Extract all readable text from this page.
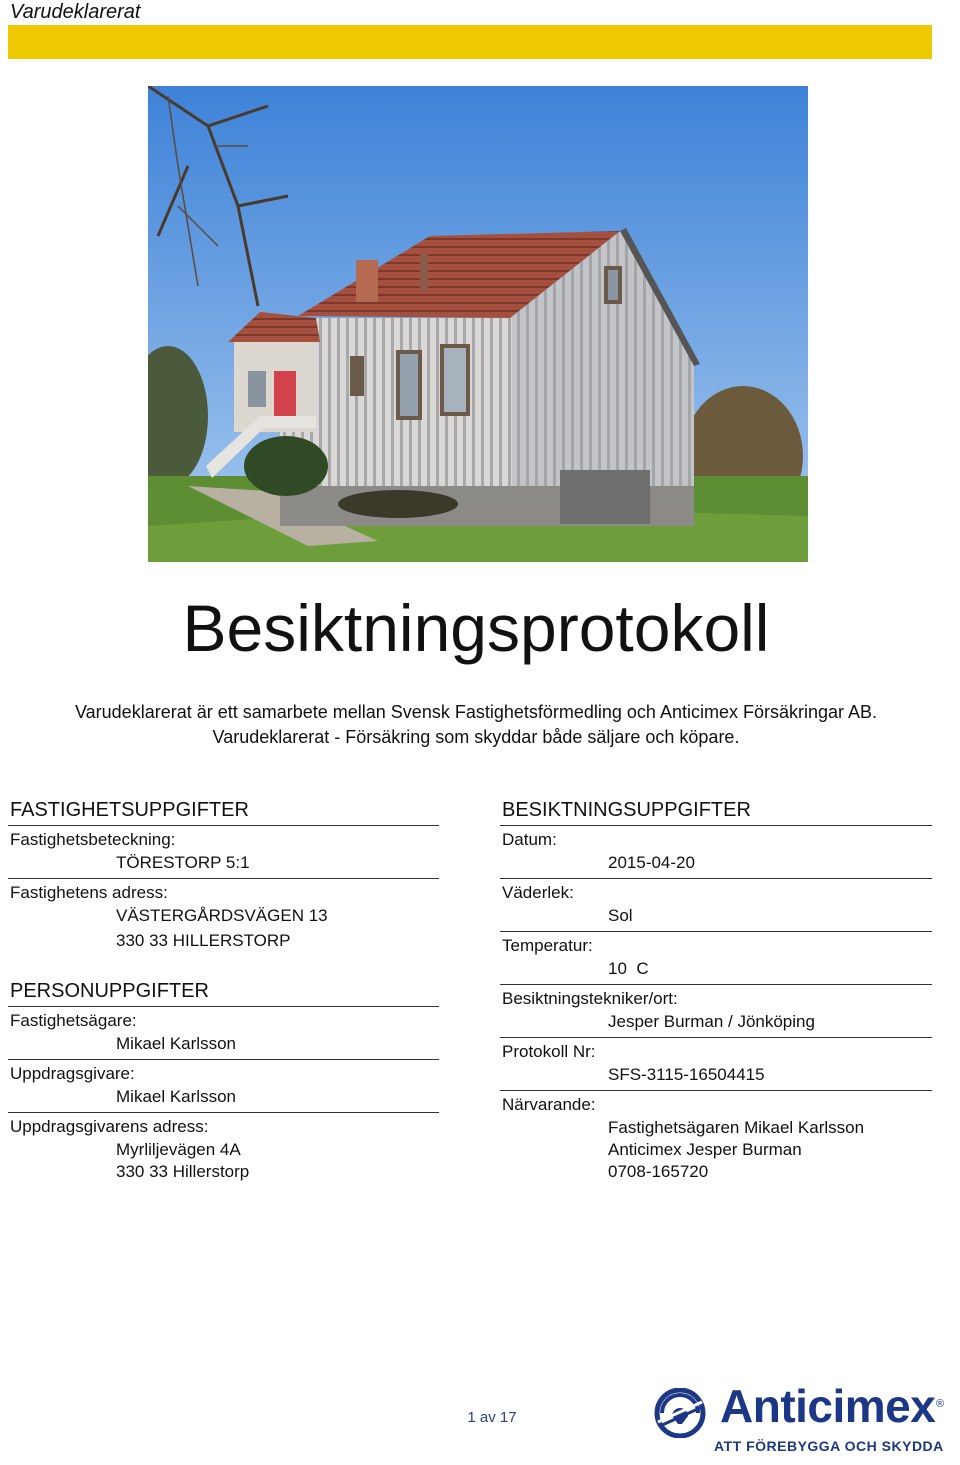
Varudeklarerat
Besiktningsprotokoll
Varudeklarerat är ett samarbete mellan Svensk Fastighetsförmedling och Anticimex Försäkringar AB.
Varudeklarerat - Försäkring som skyddar både säljare och köpare.
FASTIGHETSUPPGIFTER
Fastighetsbeteckning:
TÖRESTORP 5:1
Fastighetens adress:
VÄSTERGÅRDSVÄGEN 13
330 33 HILLERSTORP
PERSONUPPGIFTER
Fastighetsägare:
Mikael Karlsson
Uppdragsgivare:
Mikael Karlsson
Uppdragsgivarens adress:
Myrliljevägen 4A
330 33 Hillerstorp
BESIKTNINGSUPPGIFTER
Datum:
2015-04-20
Väderlek:
Sol
Temperatur:
10  C
Besiktningstekniker/ort:
Jesper Burman / Jönköping
Protokoll Nr:
SFS-3115-16504415
Närvarande:
Fastighetsägaren Mikael Karlsson
Anticimex Jesper Burman
0708-165720
1 av 17	Anticimex ®
ATT FÖREBYGGA OCH SKYDDA
